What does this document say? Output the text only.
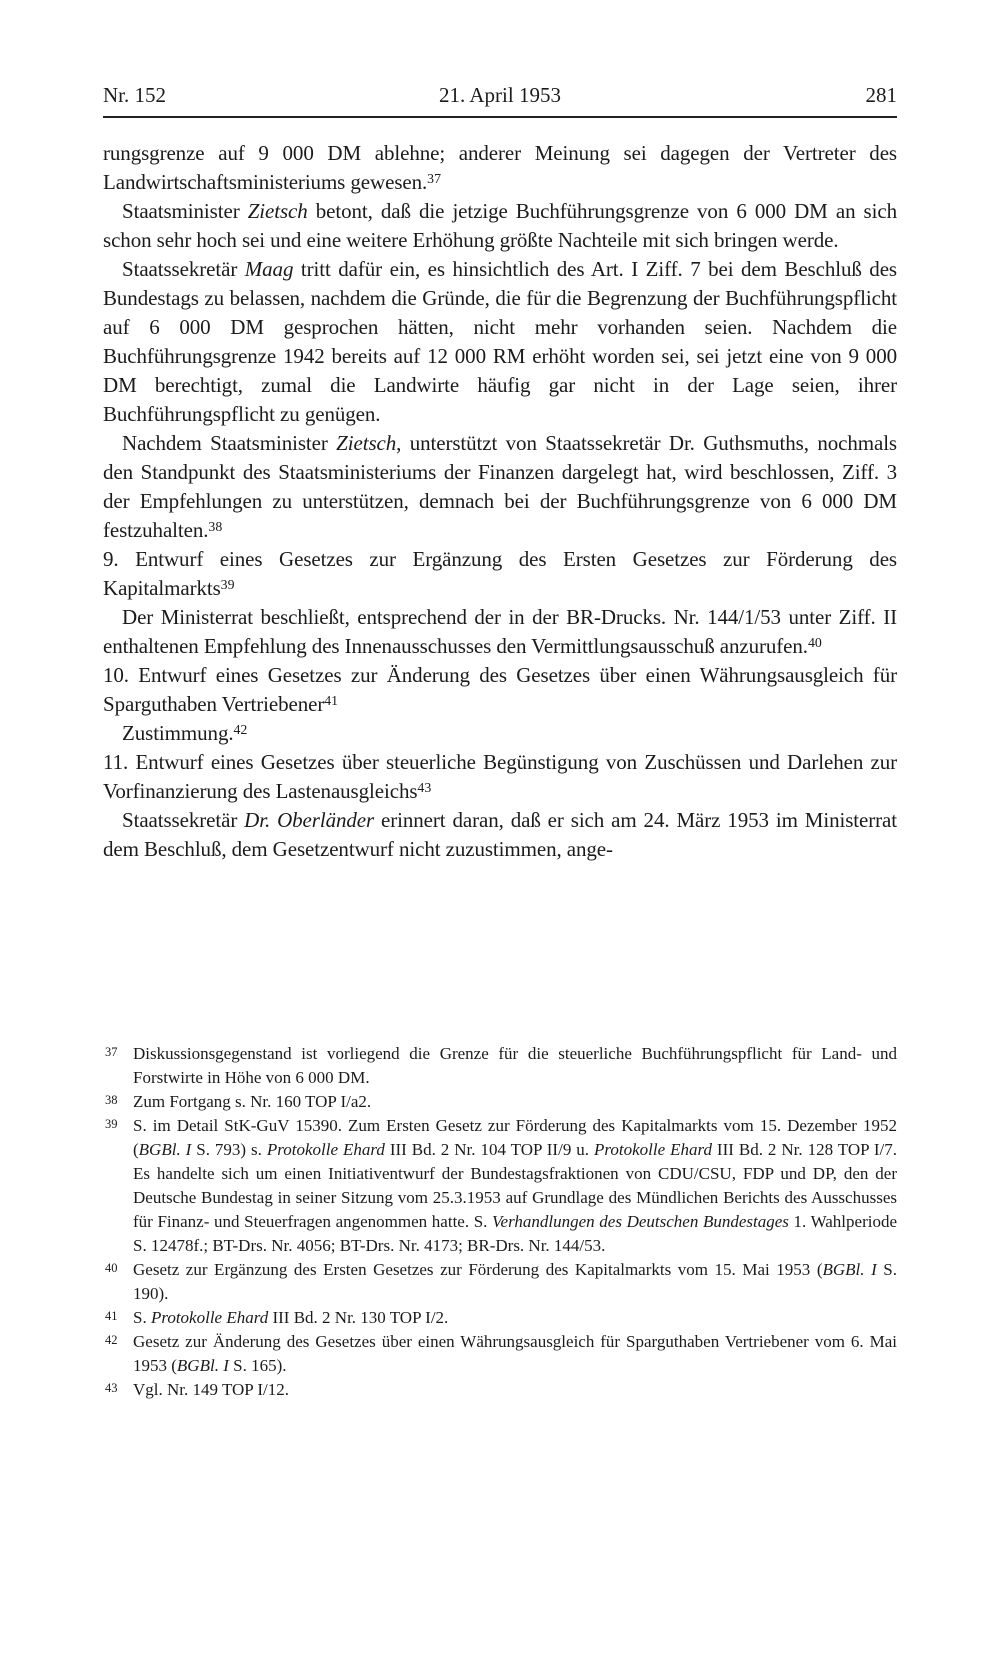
Nr. 152	21. April 1953	281

rungsgrenze auf 9 000 DM ablehne; anderer Meinung sei dagegen der Vertreter des Landwirtschaftsministeriums gewesen.$^{37}$

Staatsminister Zietsch betont, daß die jetzige Buchführungsgrenze von 6 000 DM an sich schon sehr hoch sei und eine weitere Erhöhung größte Nachteile mit sich bringen werde.

Staatssekretär Maag tritt dafür ein, es hinsichtlich des Art. I Ziff. 7 bei dem Beschluß des Bundestags zu belassen, nachdem die Gründe, die für die Begrenzung der Buchführungspflicht auf 6 000 DM gesprochen hätten, nicht mehr vorhanden seien. Nachdem die Buchführungsgrenze 1942 bereits auf 12 000 RM erhöht worden sei, sei jetzt eine von 9 000 DM berechtigt, zumal die Landwirte häufig gar nicht in der Lage seien, ihrer Buchführungspflicht zu genügen.

Nachdem Staatsminister Zietsch, unterstützt von Staatssekretär Dr. Guthsmuths, nochmals den Standpunkt des Staatsministeriums der Finanzen dargelegt hat, wird beschlossen, Ziff. 3 der Empfehlungen zu unterstützen, demnach bei der Buchführungsgrenze von 6 000 DM festzuhalten.$^{38}$

9. Entwurf eines Gesetzes zur Ergänzung des Ersten Gesetzes zur Förderung des Kapitalmarkts$^{39}$

Der Ministerrat beschließt, entsprechend der in der BR-Drucks. Nr. 144/1/53 unter Ziff. II enthaltenen Empfehlung des Innenausschusses den Vermittlungsausschuß anzurufen.$^{40}$

10. Entwurf eines Gesetzes zur Änderung des Gesetzes über einen Währungsausgleich für Sparguthaben Vertriebener$^{41}$

Zustimmung.$^{42}$

11. Entwurf eines Gesetzes über steuerliche Begünstigung von Zuschüssen und Darlehen zur Vorfinanzierung des Lastenausgleichs$^{43}$

Staatssekretär Dr. Oberländer erinnert daran, daß er sich am 24. März 1953 im Ministerrat dem Beschluß, dem Gesetzentwurf nicht zuzustimmen, ange-

37 Diskussionsgegenstand ist vorliegend die Grenze für die steuerliche Buchführungspflicht für Land- und Forstwirte in Höhe von 6 000 DM.
38 Zum Fortgang s. Nr. 160 TOP I/a2.
39 S. im Detail StK-GuV 15390. Zum Ersten Gesetz zur Förderung des Kapitalmarkts vom 15. Dezember 1952 (BGBl. I S. 793) s. Protokolle Ehard III Bd. 2 Nr. 104 TOP II/9 u. Protokolle Ehard III Bd. 2 Nr. 128 TOP I/7. Es handelte sich um einen Initiativentwurf der Bundestagsfraktionen von CDU/CSU, FDP und DP, den der Deutsche Bundestag in seiner Sitzung vom 25.3.1953 auf Grundlage des Mündlichen Berichts des Ausschusses für Finanz- und Steuerfragen angenommen hatte. S. Verhandlungen des Deutschen Bundestages 1. Wahlperiode S. 12478f.; BT-Drs. Nr. 4056; BT-Drs. Nr. 4173; BR-Drs. Nr. 144/53.
40 Gesetz zur Ergänzung des Ersten Gesetzes zur Förderung des Kapitalmarkts vom 15. Mai 1953 (BGBl. I S. 190).
41 S. Protokolle Ehard III Bd. 2 Nr. 130 TOP I/2.
42 Gesetz zur Änderung des Gesetzes über einen Währungsausgleich für Sparguthaben Vertriebener vom 6. Mai 1953 (BGBl. I S. 165).
43 Vgl. Nr. 149 TOP I/12.
